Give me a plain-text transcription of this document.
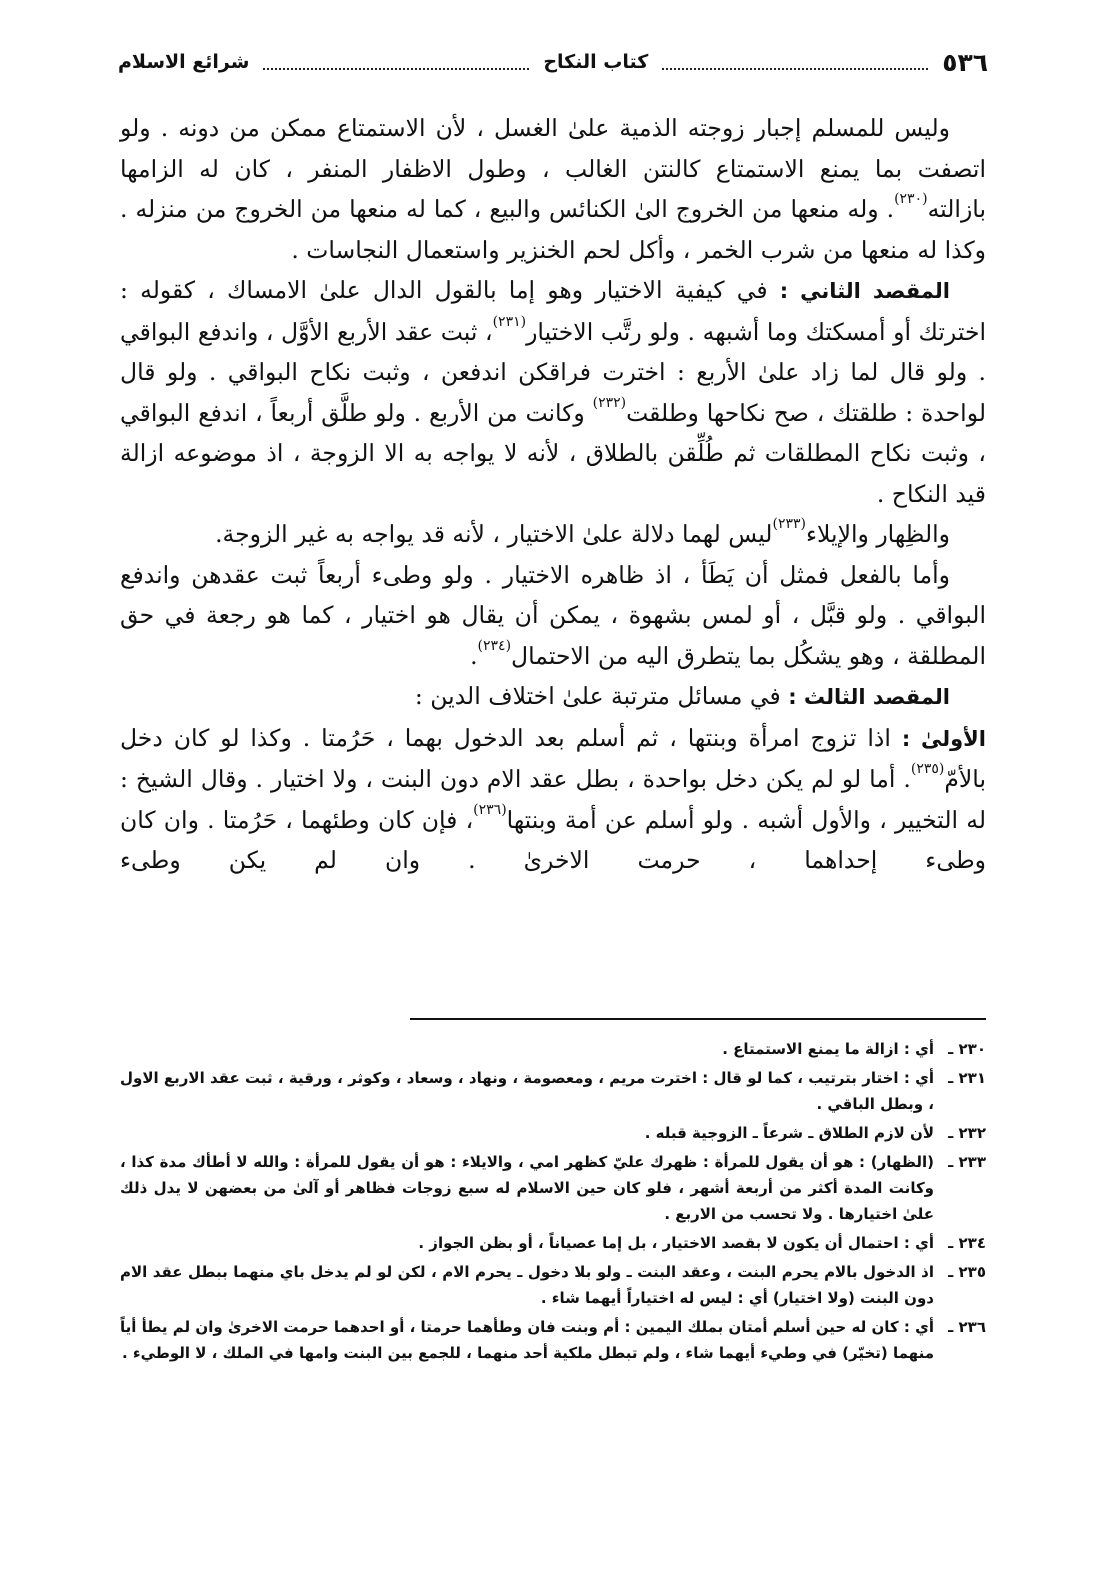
٥٣٦
كتاب النكاح
شرائع الاسلام

وليس للمسلم إجبار زوجته الذمية علىٰ الغسل ، لأن الاستمتاع ممكن من دونه . ولو اتصفت بما يمنع الاستمتاع كالنتن الغالب ، وطول الاظفار المنفر ، كان له الزامها بازالته$^{(٢٣٠)}$. وله منعها من الخروج الىٰ الكنائس والبيع ، كما له منعها من الخروج من منزله . وكذا له منعها من شرب الخمر ، وأكل لحم الخنزير واستعمال النجاسات .

المقصد الثاني : في كيفية الاختيار وهو إما بالقول الدال علىٰ الامساك ، كقوله : اخترتك أو أمسكتك وما أشبهه . ولو رتَّب الاختيار$^{(٢٣١)}$، ثبت عقد الأربع الأوَّل ، واندفع البواقي . ولو قال لما زاد علىٰ الأربع : اخترت فراقكن اندفعن ، وثبت نكاح البواقي . ولو قال لواحدة : طلقتك ، صح نكاحها وطلقت$^{(٢٣٢)}$ وكانت من الأربع . ولو طلَّق أربعاً ، اندفع البواقي ، وثبت نكاح المطلقات ثم طُلِّقن بالطلاق ، لأنه لا يواجه به الا الزوجة ، اذ موضوعه ازالة قيد النكاح .

والظِهار والإيلاء$^{(٢٣٣)}$ليس لهما دلالة علىٰ الاختيار ، لأنه قد يواجه به غير الزوجة.

وأما بالفعل فمثل أن يَطَأ ، اذ ظاهره الاختيار . ولو وطىء أربعاً ثبت عقدهن واندفع البواقي . ولو قبَّل ، أو لمس بشهوة ، يمكن أن يقال هو اختيار ، كما هو رجعة في حق المطلقة ، وهو يشكُل بما يتطرق اليه من الاحتمال$^{(٢٣٤)}$.

المقصد الثالث : في مسائل مترتبة علىٰ اختلاف الدين :

الأولىٰ : اذا تزوج امرأة وبنتها ، ثم أسلم بعد الدخول بهما ، حَرُمتا . وكذا لو كان دخل بالأمّ$^{(٢٣٥)}$. أما لو لم يكن دخل بواحدة ، بطل عقد الام دون البنت ، ولا اختيار . وقال الشيخ : له التخيير ، والأول أشبه . ولو أسلم عن أمة وبنتها$^{(٢٣٦)}$، فإن كان وطئهما ، حَرُمتا . وان كان وطىء إحداهما ، حرمت الاخرىٰ . وان لم يكن وطىء

٢٣٠ ـ
أي : ازالة ما يمنع الاستمتاع .
٢٣١ ـ
أي : اختار بترتيب ، كما لو قال : اخترت مريم ، ومعصومة ، ونهاد ، وسعاد ، وكوثر ، ورقية ، ثبت عقد الاربع الاول ، وبطل الباقي .
٢٣٢ ـ
لأن لازم الطلاق ـ شرعاً ـ الزوجية قبله .
٢٣٣ ـ
(الظهار) : هو أن يقول للمرأة : ظهرك عليّ كظهر امي ، والايلاء : هو أن يقول للمرأة : والله لا أطأك مدة كذا ، وكانت المدة أكثر من أربعة أشهر ، فلو كان حين الاسلام له سبع زوجات فظاهر أو آلىٰ من بعضهن لا يدل ذلك علىٰ اختيارها . ولا تحسب من الاربع .
٢٣٤ ـ
أي : احتمال أن يكون لا بقصد الاختيار ، بل إما عصياناً ، أو بظن الجواز .
٢٣٥ ـ
اذ الدخول بالام يحرم البنت ، وعقد البنت ـ ولو بلا دخول ـ يحرم الام ، لكن لو لم يدخل باي منهما ببطل عقد الام دون البنت (ولا اختيار) أي : ليس له اختياراً أيهما شاء .
٢٣٦ ـ
أي : كان له حين أسلم أمتان بملك اليمين : أم وبنت فان وطأهما حرمتا ، أو احدهما حرمت الاخرىٰ وان لم يطأ أياً منهما (تخيّر) في وطيء أيهما شاء ، ولم تبطل ملكية أحد منهما ، للجمع بين البنت وامها في الملك ، لا الوطيء .
